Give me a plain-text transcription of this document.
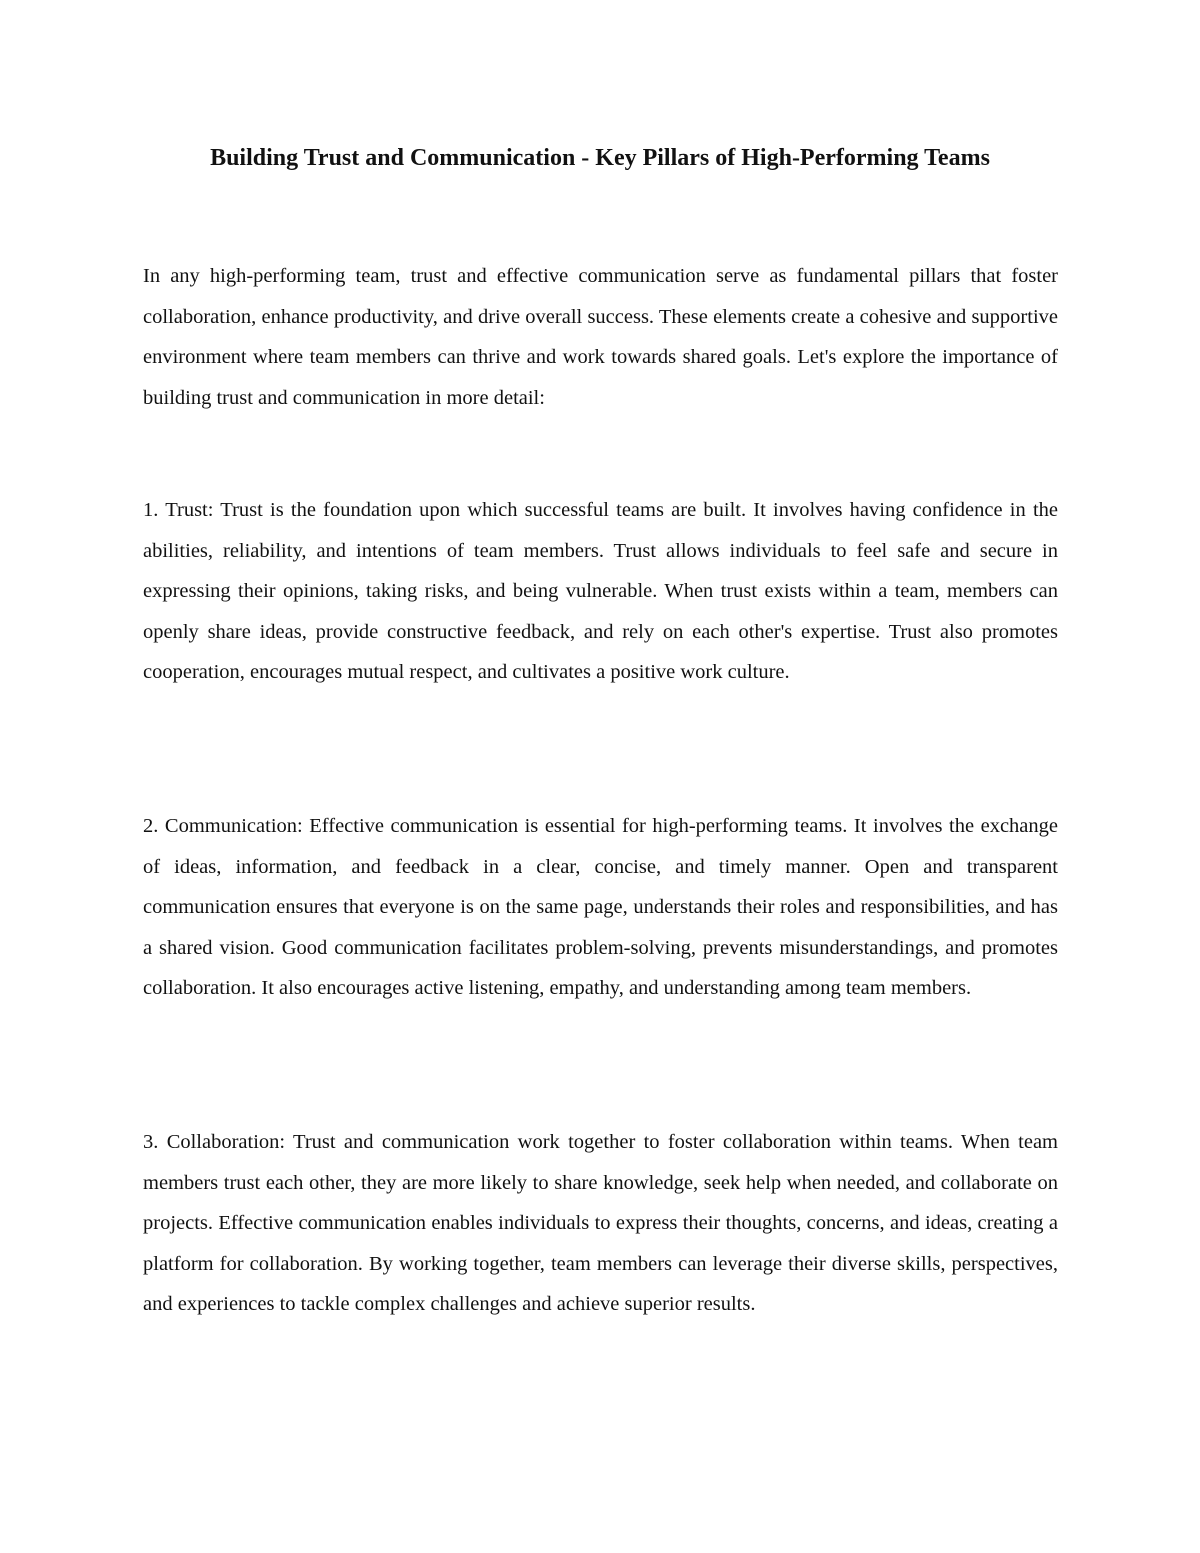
Building Trust and Communication - Key Pillars of High-Performing Teams

In any high-performing team, trust and effective communication serve as fundamental pillars that foster collaboration, enhance productivity, and drive overall success. These elements create a cohesive and supportive environment where team members can thrive and work towards shared goals. Let's explore the importance of building trust and communication in more detail:

1. Trust: Trust is the foundation upon which successful teams are built. It involves having confidence in the abilities, reliability, and intentions of team members. Trust allows individuals to feel safe and secure in expressing their opinions, taking risks, and being vulnerable. When trust exists within a team, members can openly share ideas, provide constructive feedback, and rely on each other's expertise. Trust also promotes cooperation, encourages mutual respect, and cultivates a positive work culture.

2. Communication: Effective communication is essential for high-performing teams. It involves the exchange of ideas, information, and feedback in a clear, concise, and timely manner. Open and transparent communication ensures that everyone is on the same page, understands their roles and responsibilities, and has a shared vision. Good communication facilitates problem-solving, prevents misunderstandings, and promotes collaboration. It also encourages active listening, empathy, and understanding among team members.

3. Collaboration: Trust and communication work together to foster collaboration within teams. When team members trust each other, they are more likely to share knowledge, seek help when needed, and collaborate on projects. Effective communication enables individuals to express their thoughts, concerns, and ideas, creating a platform for collaboration. By working together, team members can leverage their diverse skills, perspectives, and experiences to tackle complex challenges and achieve superior results.
